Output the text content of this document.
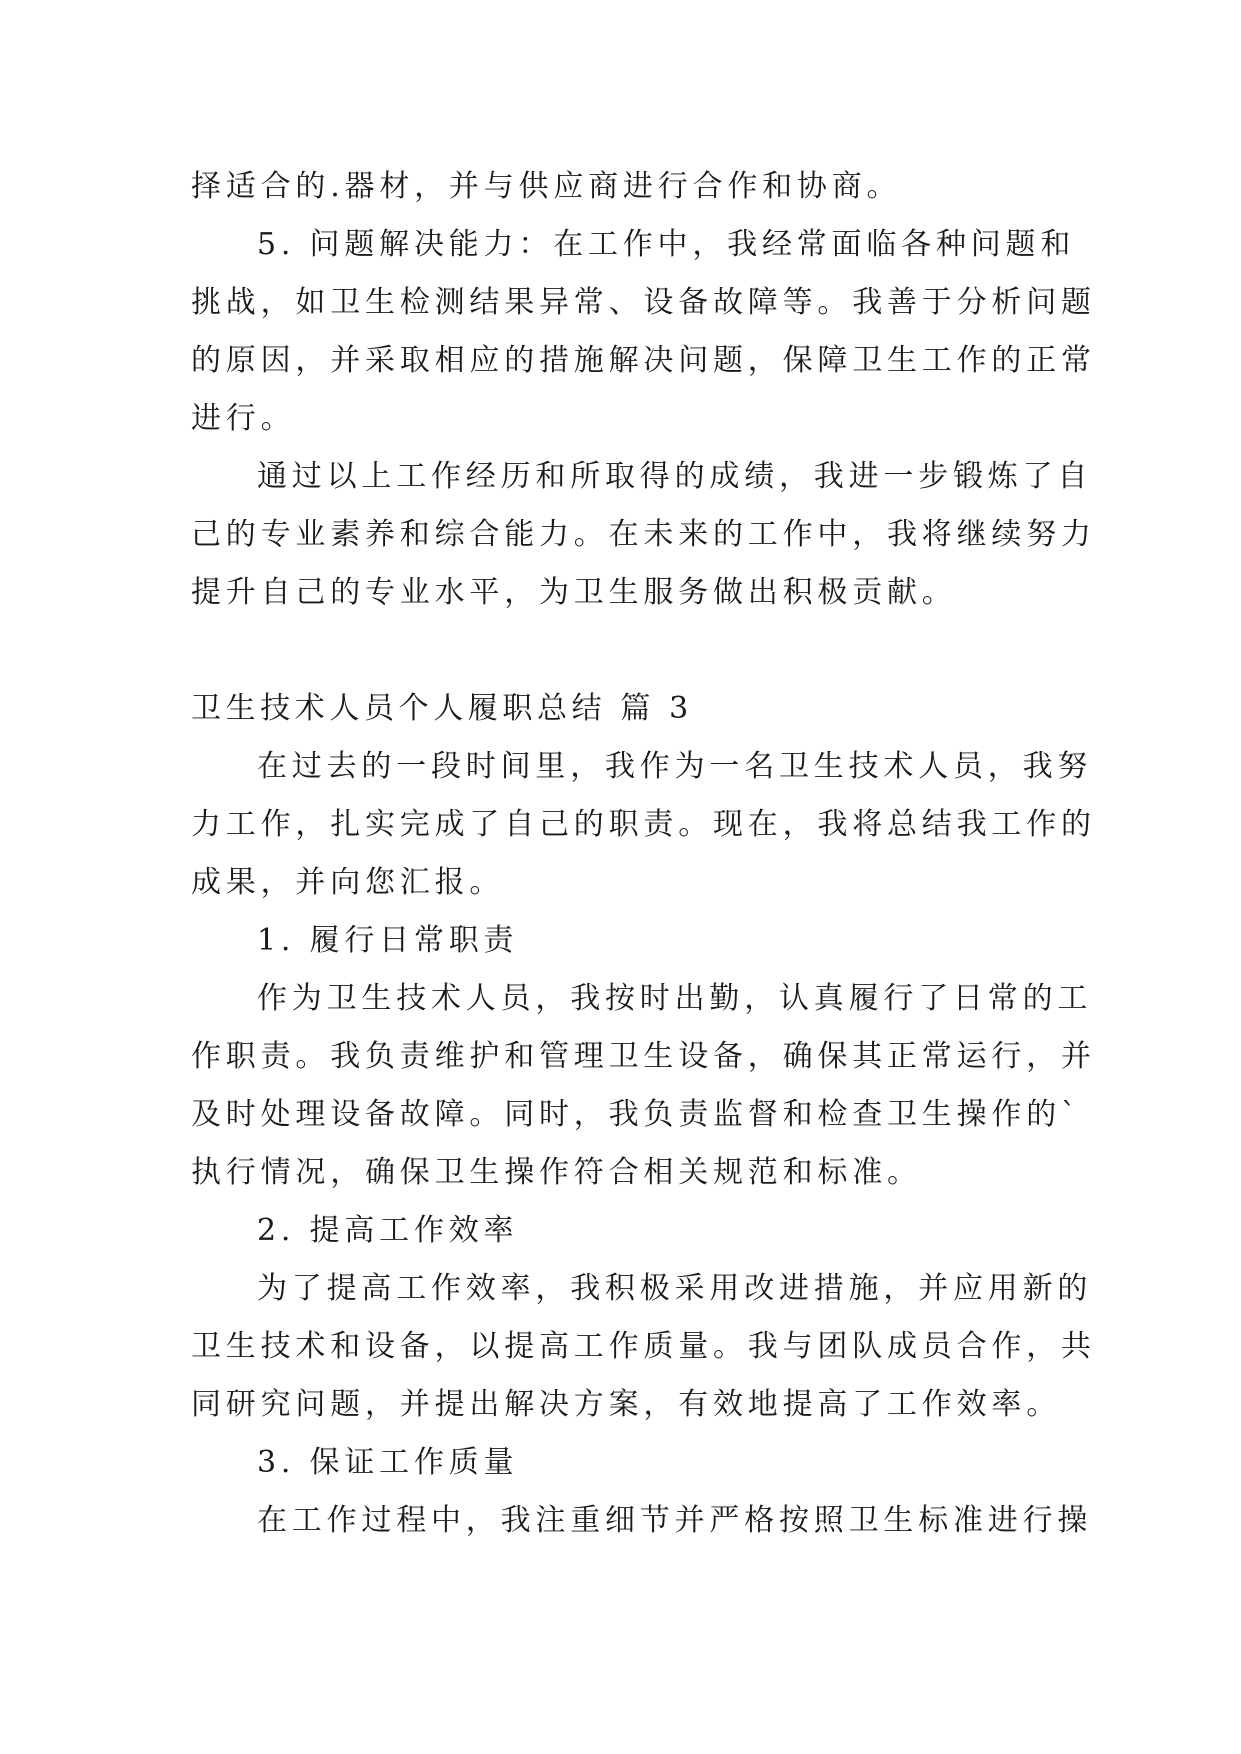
择适合的.器材，并与供应商进行合作和协商。
5. 问题解决能力：在工作中，我经常面临各种问题和
挑战，如卫生检测结果异常、设备故障等。我善于分析问题
的原因，并采取相应的措施解决问题，保障卫生工作的正常
进行。
通过以上工作经历和所取得的成绩，我进一步锻炼了自
己的专业素养和综合能力。在未来的工作中，我将继续努力
提升自己的专业水平，为卫生服务做出积极贡献。
卫生技术人员个人履职总结 篇 3
在过去的一段时间里，我作为一名卫生技术人员，我努
力工作，扎实完成了自己的职责。现在，我将总结我工作的
成果，并向您汇报。
1. 履行日常职责
作为卫生技术人员，我按时出勤，认真履行了日常的工
作职责。我负责维护和管理卫生设备，确保其正常运行，并
及时处理设备故障。同时，我负责监督和检查卫生操作的`
执行情况，确保卫生操作符合相关规范和标准。
2. 提高工作效率
为了提高工作效率，我积极采用改进措施，并应用新的
卫生技术和设备，以提高工作质量。我与团队成员合作，共
同研究问题，并提出解决方案，有效地提高了工作效率。
3. 保证工作质量
在工作过程中，我注重细节并严格按照卫生标准进行操
